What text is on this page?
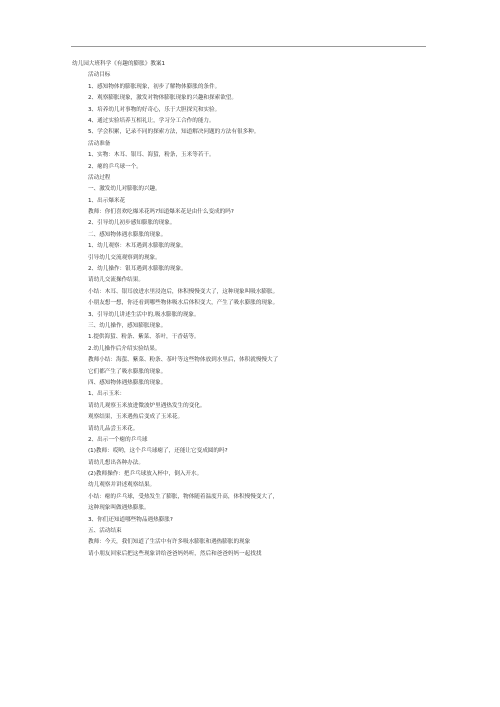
幼儿园大班科学《有趣的膨胀》教案1
活动目标
1、感知物体的膨胀现象，初步了解物体膨胀的条件。
2、观察膨胀现象，激发对物体膨胀现象的兴趣和探索欲望。
3、培养幼儿对事物的好奇心，乐于大胆探究和实验。
4、通过实验培养互相礼让，学习分工合作的能力。
5、学会积累，记录不同的探索方法，知道解决问题的方法有很多种。
活动准备
1、实物：木耳、银耳、海蜇，粉条，玉米等若干。
2、瘪的乒乓球一个。
活动过程
一、激发幼儿对膨胀的兴趣。
1、出示爆米花
教师：你们喜欢吃爆米花吗?知道爆米花是由什么变成的吗?
2、引导幼儿初步感知膨胀的现象。
二、感知物体遇水膨胀的现象。
1、幼儿观察：木耳遇到水膨胀的现象。
引导幼儿交流观察到的现象。
2、幼儿操作：银耳遇到水膨胀的现象。
请幼儿交流操作结果。
小结：木耳、银耳放进水里浸泡后，体积慢慢变大了，这种现象叫吸水膨胀。
小朋友想一想，你还看到哪些物体吸水后体积变大，产生了吸水膨胀的现象。
3、引导幼儿讲述生活中的,吸水膨胀的现象。
三、幼儿操作，感知膨胀现象。
1.提供海蜇、粉条、紫菜、茶叶，干香菇等。
2.幼儿操作后介绍实验结果。
教师小结：海蜇、紫菜、粉条、茶叶等这些物体放到水里后，体积就慢慢大了
它们都产生了吸水膨胀的现象。
四、感知物体遇热膨胀的现象。
1、出示玉米：
请幼儿观察玉米放进微波炉里遇热发生的变化。
观察结果，玉米遇热后变成了玉米花。
请幼儿品尝玉米花。
2、出示一个瘪的乒乓球
(1)教师：哎哟，这个乒乓球瘪了，还能让它变成圆的吗?
请幼儿想出各种办法。
(2)教师操作：把乒乓球放入杯中，倒入开水。
幼儿观察并讲述观察结果。
小结：瘪的乒乓球，受热发生了膨胀，物体随着温度升高，体积慢慢变大了，
这种现象叫做遇热膨胀。
3、你们还知道哪些物品遇热膨胀?
五、活动结束
教师：今天，我们知道了生活中有许多吸水膨胀和遇热膨胀的现象
请小朋友回家后把这些现象讲给爸爸妈妈听，然后和爸爸妈妈一起找找
